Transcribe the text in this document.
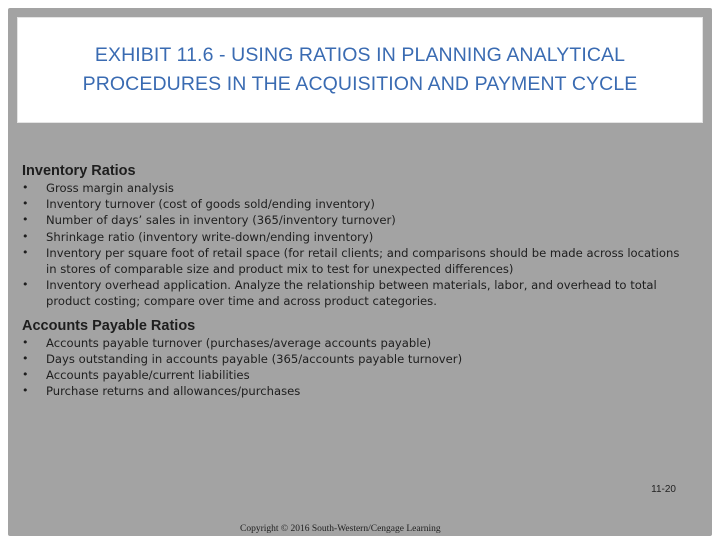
EXHIBIT 11.6 - USING RATIOS IN PLANNING ANALYTICAL
PROCEDURES IN THE ACQUISITION AND PAYMENT CYCLE
Inventory Ratios
• Gross margin analysis
• Inventory turnover (cost of goods sold/ending inventory)
• Number of days’ sales in inventory (365/inventory turnover)
• Shrinkage ratio (inventory write-down/ending inventory)
• Inventory per square foot of retail space (for retail clients; and comparisons should be made across locations in stores of comparable size and product mix to test for unexpected differences)
• Inventory overhead application. Analyze the relationship between materials, labor, and overhead to total product costing; compare over time and across product categories.
Accounts Payable Ratios
• Accounts payable turnover (purchases/average accounts payable)
• Days outstanding in accounts payable (365/accounts payable turnover)
• Accounts payable/current liabilities
• Purchase returns and allowances/purchases
11-20
Copyright © 2016 South-Western/Cengage Learning
